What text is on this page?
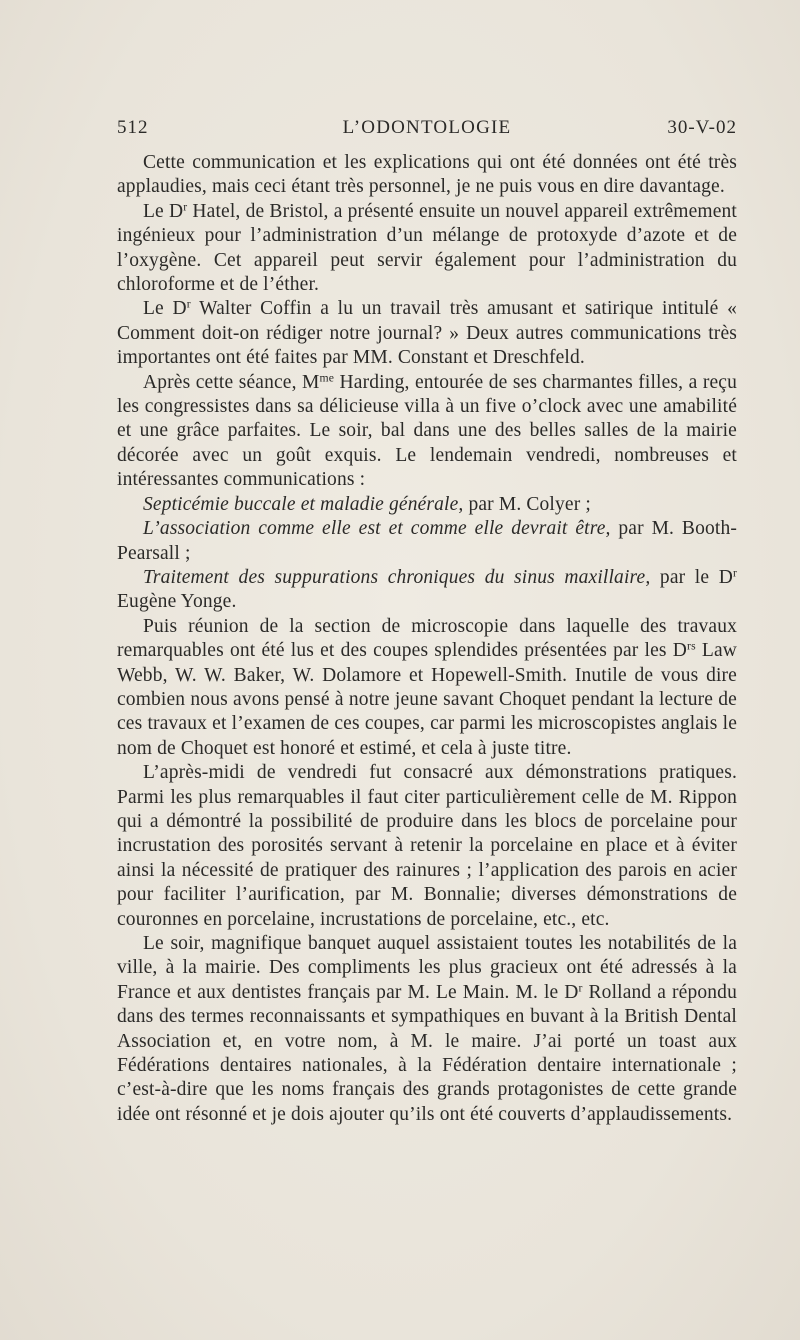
512	L’ODONTOLOGIE	30-V-02

Cette communication et les explications qui ont été données ont été très applaudies, mais ceci étant très personnel, je ne puis vous en dire davantage.

Le $D^r$ Hatel, de Bristol, a présenté ensuite un nouvel appareil extrêmement ingénieux pour l’administration d’un mélange de protoxyde d’azote et de l’oxygène. Cet appareil peut servir également pour l’administration du chloroforme et de l’éther.

Le $D^r$ Walter Coffin a lu un travail très amusant et satirique intitulé « Comment doit-on rédiger notre journal? » Deux autres communications très importantes ont été faites par MM. Constant et Dreschfeld.

Après cette séance, $M^{me}$ Harding, entourée de ses charmantes filles, a reçu les congressistes dans sa délicieuse villa à un five o’clock avec une amabilité et une grâce parfaites. Le soir, bal dans une des belles salles de la mairie décorée avec un goût exquis. Le lendemain vendredi, nombreuses et intéressantes communications :

Septicémie buccale et maladie générale, par M. Colyer ;

L’association comme elle est et comme elle devrait être, par M. Booth-Pearsall ;

Traitement des suppurations chroniques du sinus maxillaire, par le $D^r$ Eugène Yonge.

Puis réunion de la section de microscopie dans laquelle des travaux remarquables ont été lus et des coupes splendides présentées par les $D^{rs}$ Law Webb, W. W. Baker, W. Dolamore et Hopewell-Smith. Inutile de vous dire combien nous avons pensé à notre jeune savant Choquet pendant la lecture de ces travaux et l’examen de ces coupes, car parmi les microscopistes anglais le nom de Choquet est honoré et estimé, et cela à juste titre.

L’après-midi de vendredi fut consacré aux démonstrations pratiques. Parmi les plus remarquables il faut citer particulièrement celle de M. Rippon qui a démontré la possibilité de produire dans les blocs de porcelaine pour incrustation des porosités servant à retenir la porcelaine en place et à éviter ainsi la nécessité de pratiquer des rainures ; l’application des parois en acier pour faciliter l’aurification, par M. Bonnalie; diverses démonstrations de couronnes en porcelaine, incrustations de porcelaine, etc., etc.

Le soir, magnifique banquet auquel assistaient toutes les notabilités de la ville, à la mairie. Des compliments les plus gracieux ont été adressés à la France et aux dentistes français par M. Le Main. M. le $D^r$ Rolland a répondu dans des termes reconnaissants et sympathiques en buvant à la British Dental Association et, en votre nom, à M. le maire. J’ai porté un toast aux Fédérations dentaires nationales, à la Fédération dentaire internationale ; c’est-à-dire que les noms français des grands protagonistes de cette grande idée ont résonné et je dois ajouter qu’ils ont été couverts d’applaudissements.
